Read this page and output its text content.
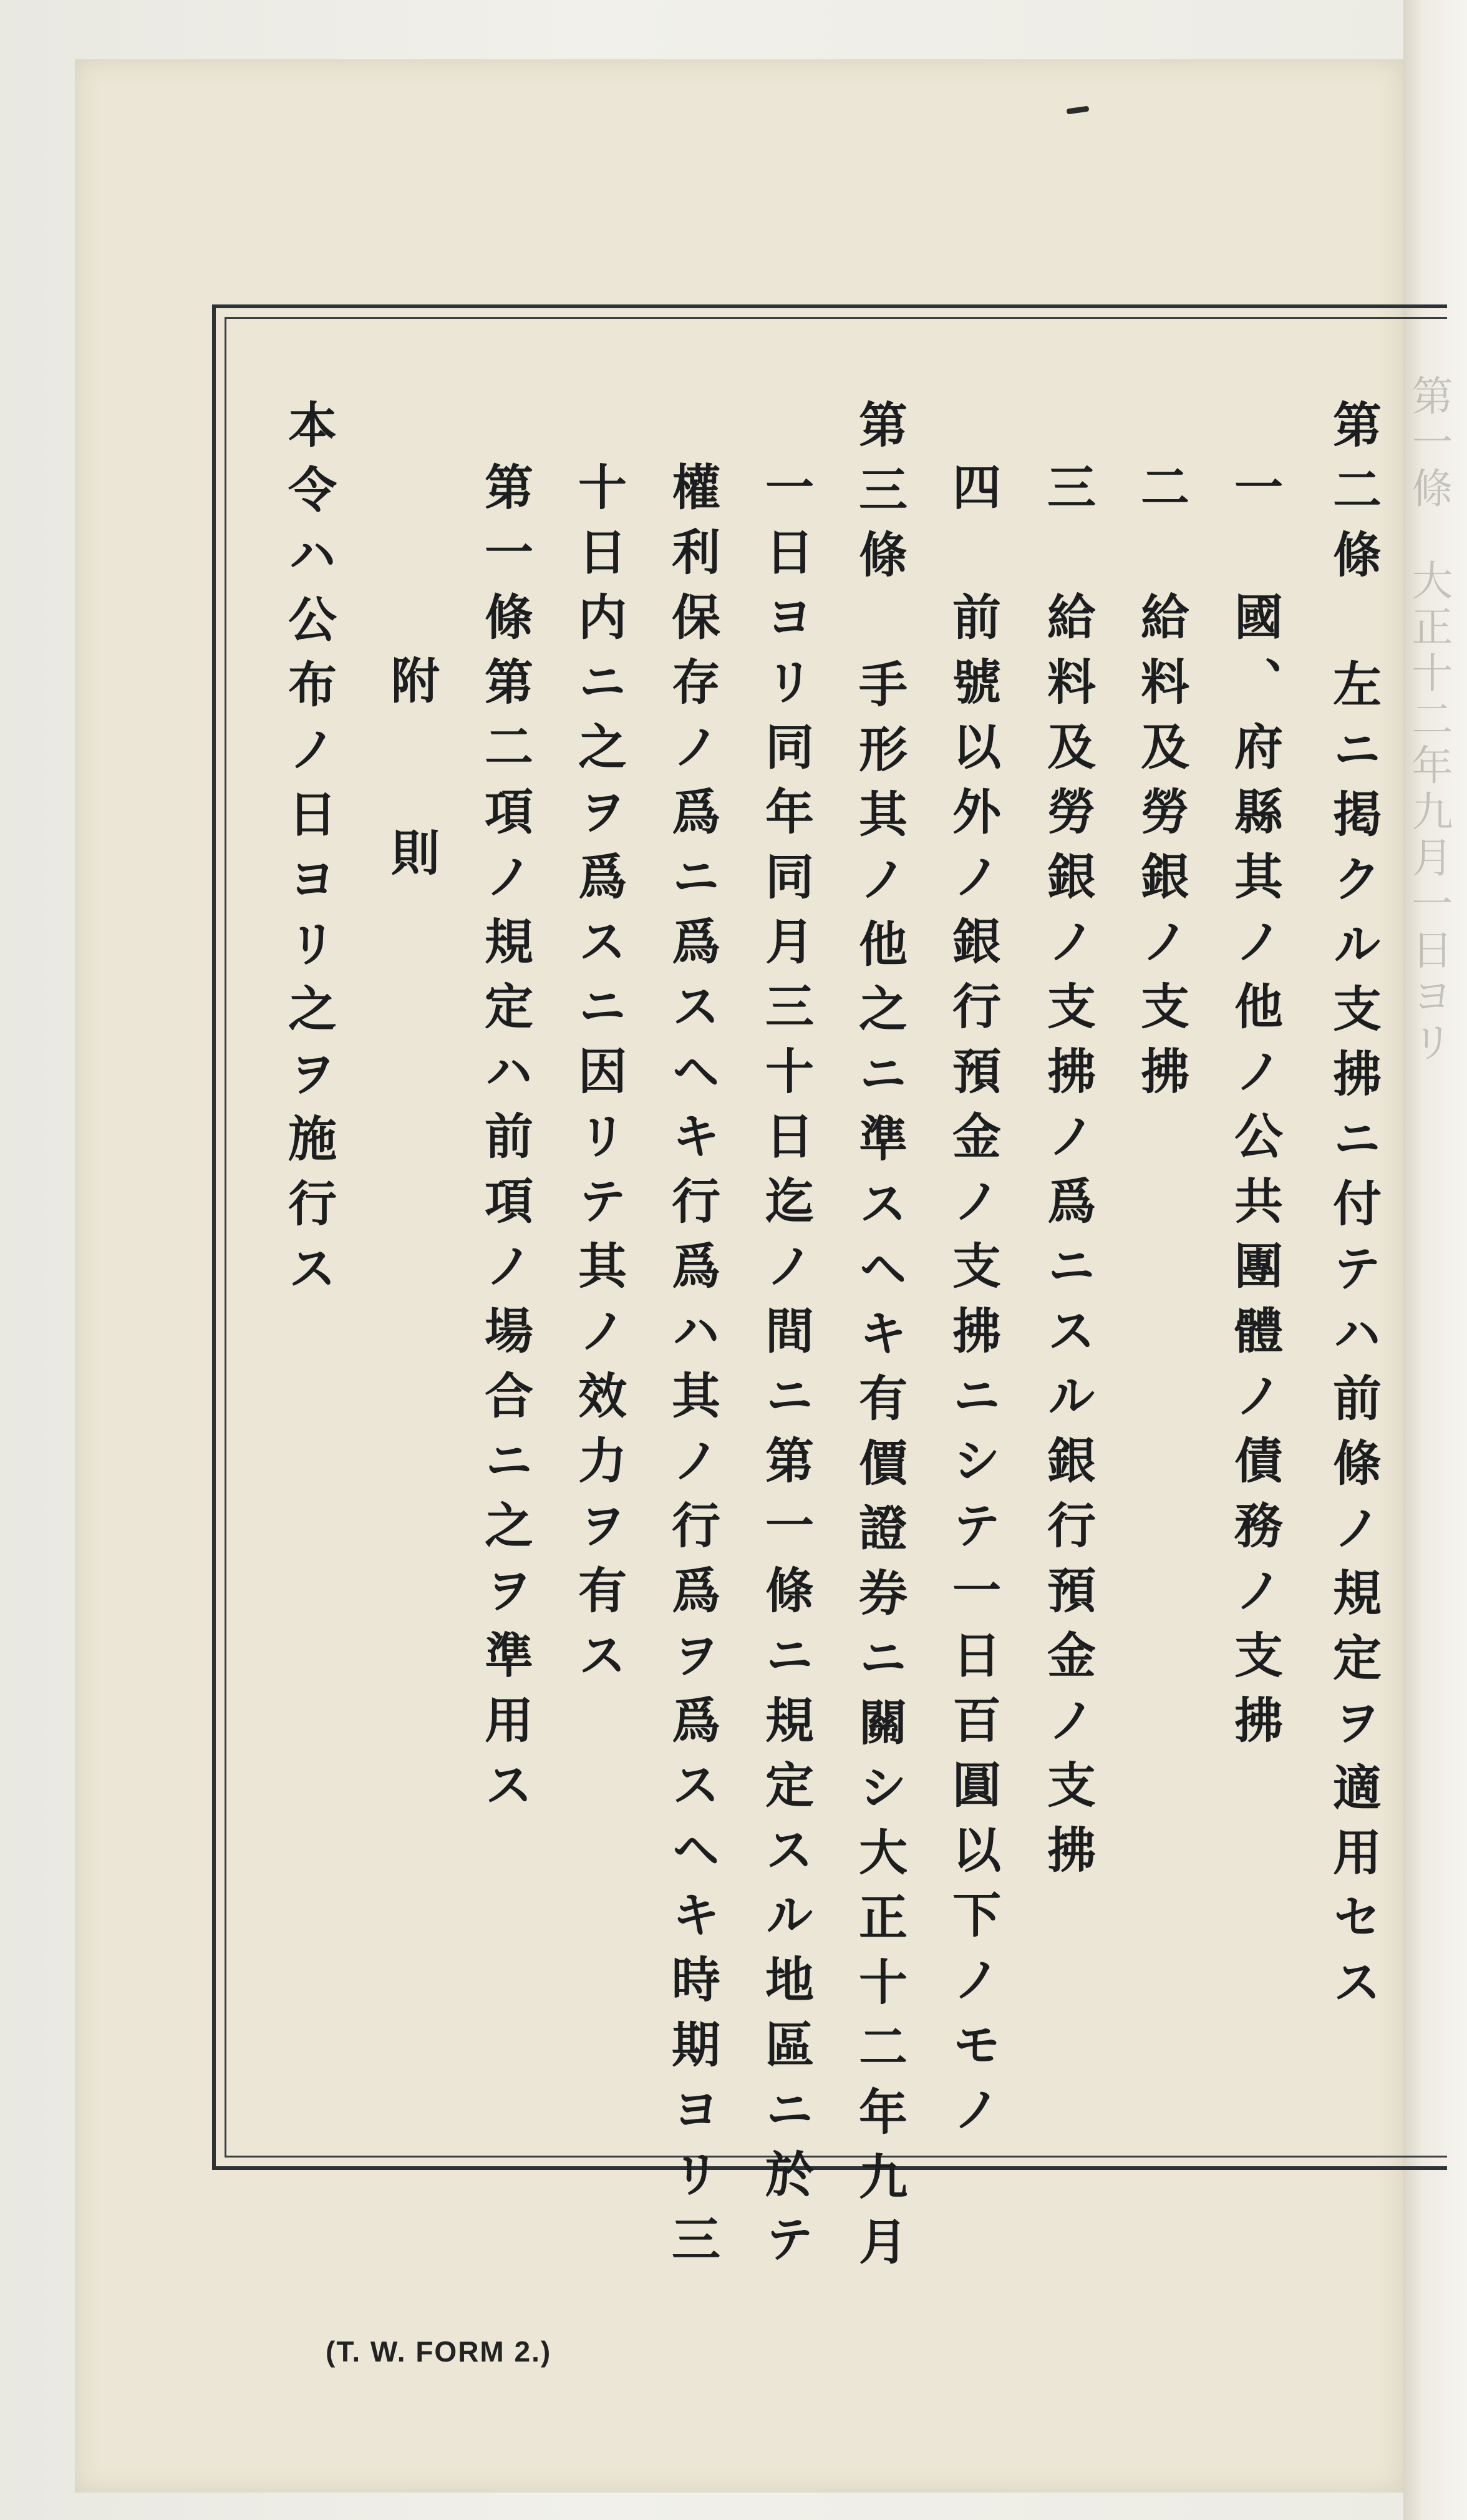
第一條　大正十二年九月一日ヨリ
第二條　左ニ掲クル支拂ニ付テハ前條ノ規定ヲ適用セス
一　國、府縣其ノ他ノ公共團體ノ債務ノ支拂
二　給料及勞銀ノ支拂
三　給料及勞銀ノ支拂ノ爲ニスル銀行預金ノ支拂
四　前號以外ノ銀行預金ノ支拂ニシテ一日百圓以下ノモノ
第三條　手形其ノ他之ニ準スヘキ有價證券ニ關シ大正十二年九月
一日ヨリ同年同月三十日迄ノ間ニ第一條ニ規定スル地區ニ於テ
權利保存ノ爲ニ爲スヘキ行爲ハ其ノ行爲ヲ爲スヘキ時期ヨリ三
十日内ニ之ヲ爲スニ因リテ其ノ效力ヲ有ス
第一條第二項ノ規定ハ前項ノ場合ニ之ヲ準用ス
附　則
本令ハ公布ノ日ヨリ之ヲ施行ス
(T. W. FORM 2.)
